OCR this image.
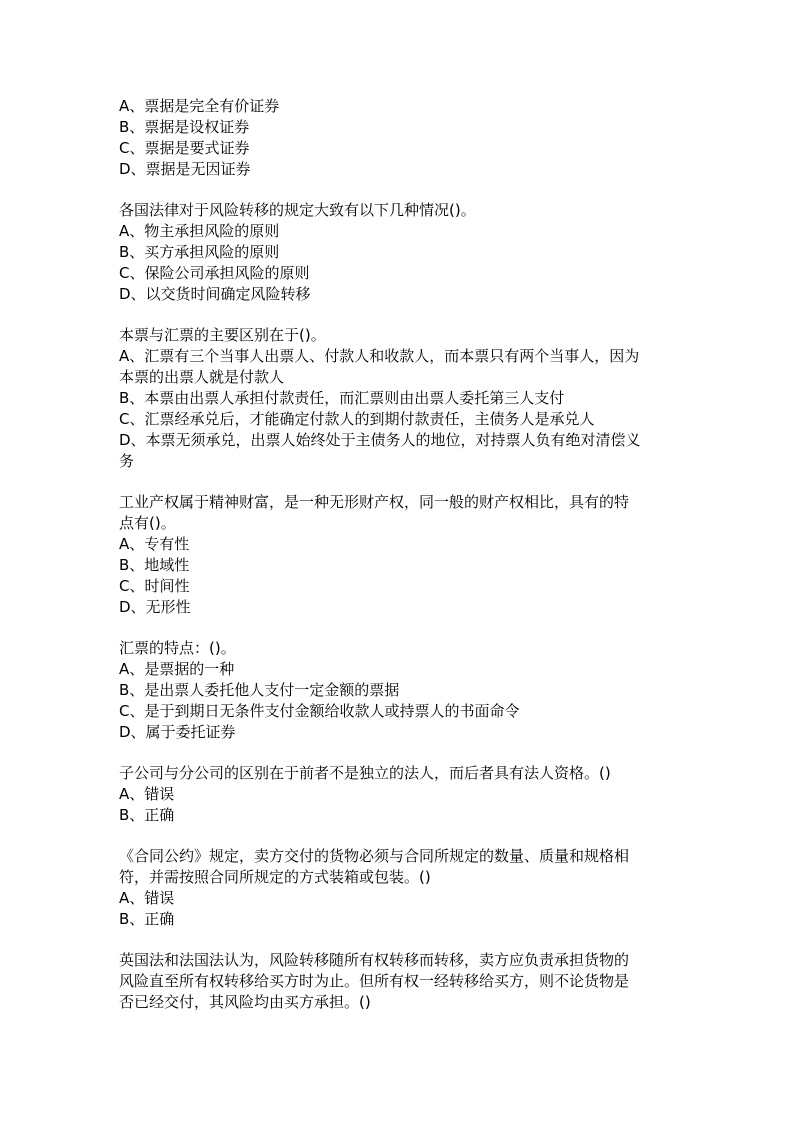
A、票据是完全有价证券
B、票据是设权证券
C、票据是要式证券
D、票据是无因证券
各国法律对于风险转移的规定大致有以下几种情况()。
A、物主承担风险的原则
B、买方承担风险的原则
C、保险公司承担风险的原则
D、以交货时间确定风险转移
本票与汇票的主要区别在于()。
A、汇票有三个当事人出票人、付款人和收款人，而本票只有两个当事人，因为
本票的出票人就是付款人
B、本票由出票人承担付款责任，而汇票则由出票人委托第三人支付
C、汇票经承兑后，才能确定付款人的到期付款责任，主债务人是承兑人
D、本票无须承兑，出票人始终处于主债务人的地位，对持票人负有绝对清偿义
务
工业产权属于精神财富，是一种无形财产权，同一般的财产权相比，具有的特
点有()。
A、专有性
B、地域性
C、时间性
D、无形性
汇票的特点：()。
A、是票据的一种
B、是出票人委托他人支付一定金额的票据
C、是于到期日无条件支付金额给收款人或持票人的书面命令
D、属于委托证券
子公司与分公司的区别在于前者不是独立的法人，而后者具有法人资格。()
A、错误
B、正确
《合同公约》规定，卖方交付的货物必须与合同所规定的数量、质量和规格相
符，并需按照合同所规定的方式装箱或包装。()
A、错误
B、正确
英国法和法国法认为，风险转移随所有权转移而转移，卖方应负责承担货物的
风险直至所有权转移给买方时为止。但所有权一经转移给买方，则不论货物是
否已经交付，其风险均由买方承担。()
